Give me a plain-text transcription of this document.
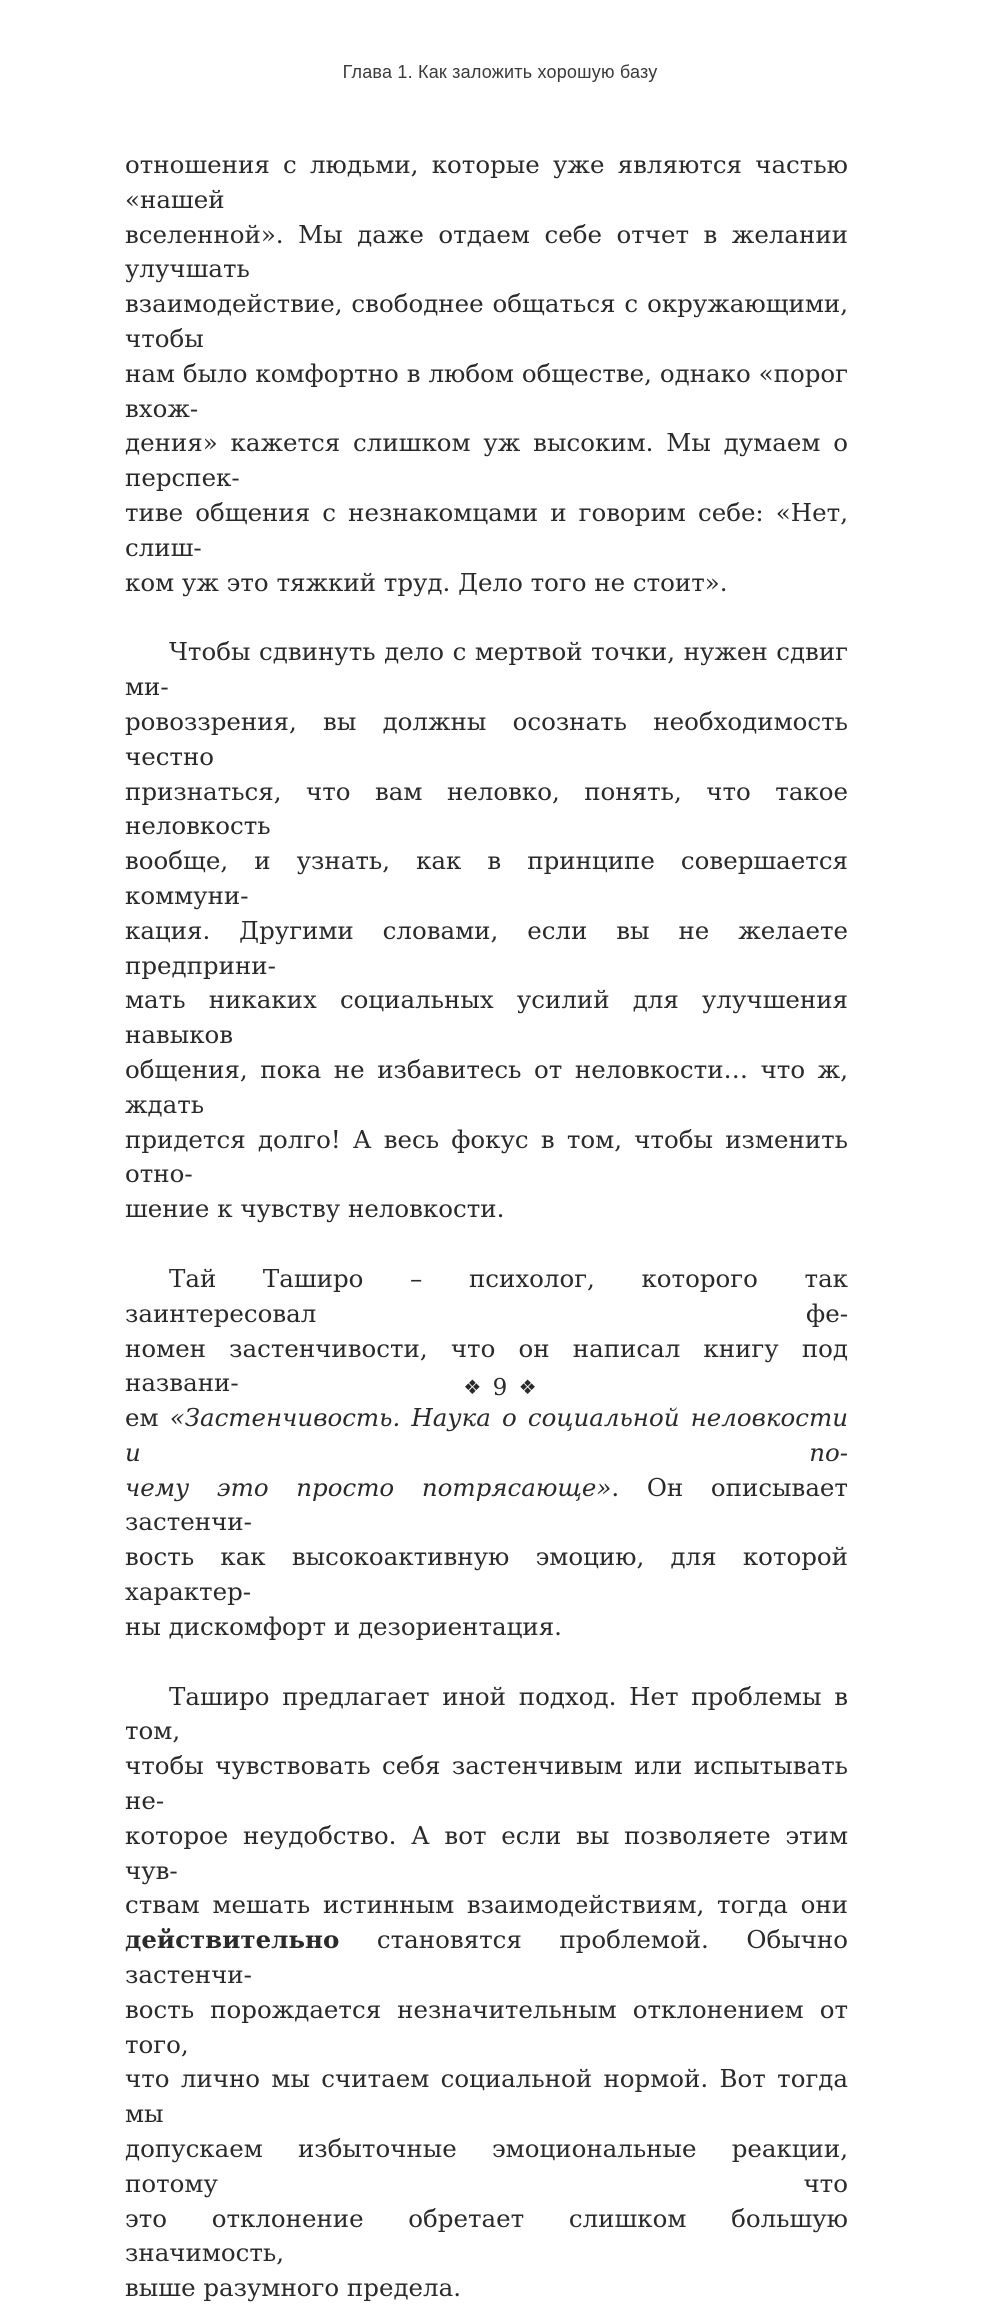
Глава 1. Как заложить хорошую базу
отношения с людьми, которые уже являются частью «нашей
вселенной». Мы даже отдаем себе отчет в желании улучшать
взаимодействие, свободнее общаться с окружающими, чтобы
нам было комфортно в любом обществе, однако «порог вхож-
дения» кажется слишком уж высоким. Мы думаем о перспек-
тиве общения с незнакомцами и говорим себе: «Нет, слиш-
ком уж это тяжкий труд. Дело того не стоит».
Чтобы сдвинуть дело с мертвой точки, нужен сдвиг ми-
ровоззрения, вы должны осознать необходимость честно
признаться, что вам неловко, понять, что такое неловкость
вообще, и узнать, как в принципе совершается коммуни-
кация. Другими словами, если вы не желаете предприни-
мать никаких социальных усилий для улучшения навыков
общения, пока не избавитесь от неловкости… что ж, ждать
придется долго! А весь фокус в том, чтобы изменить отно-
шение к чувству неловкости.
Тай Таширо – психолог, которого так заинтересовал фе-
номен застенчивости, что он написал книгу под названи-
ем «Застенчивость. Наука о социальной неловкости и по-
чему это просто потрясающе». Он описывает застенчи-
вость как высокоактивную эмоцию, для которой характер-
ны дискомфорт и дезориентация.
Таширо предлагает иной подход. Нет проблемы в том,
чтобы чувствовать себя застенчивым или испытывать не-
которое неудобство. А вот если вы позволяете этим чув-
ствам мешать истинным взаимодействиям, тогда они
действительно становятся проблемой. Обычно застенчи-
вость порождается незначительным отклонением от того,
что лично мы считаем социальной нормой. Вот тогда мы
допускаем избыточные эмоциональные реакции, потому что
это отклонение обретает слишком большую значимость,
выше разумного предела.
❖ 9 ❖
